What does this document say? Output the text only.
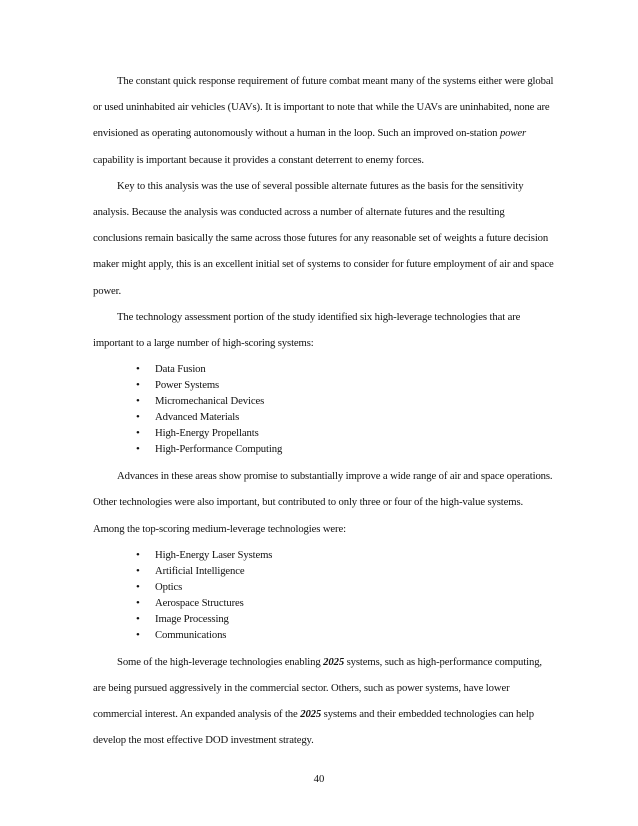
The constant quick response requirement of future combat meant many of the systems either were global or used uninhabited air vehicles (UAVs). It is important to note that while the UAVs are uninhabited, none are envisioned as operating autonomously without a human in the loop. Such an improved on-station power capability is important because it provides a constant deterrent to enemy forces.

Key to this analysis was the use of several possible alternate futures as the basis for the sensitivity analysis. Because the analysis was conducted across a number of alternate futures and the resulting conclusions remain basically the same across those futures for any reasonable set of weights a future decision maker might apply, this is an excellent initial set of systems to consider for future employment of air and space power.

The technology assessment portion of the study identified six high-leverage technologies that are important to a large number of high-scoring systems:

• Data Fusion
• Power Systems
• Micromechanical Devices
• Advanced Materials
• High-Energy Propellants
• High-Performance Computing

Advances in these areas show promise to substantially improve a wide range of air and space operations. Other technologies were also important, but contributed to only three or four of the high-value systems. Among the top-scoring medium-leverage technologies were:

• High-Energy Laser Systems
• Artificial Intelligence
• Optics
• Aerospace Structures
• Image Processing
• Communications

Some of the high-leverage technologies enabling 2025 systems, such as high-performance computing, are being pursued aggressively in the commercial sector. Others, such as power systems, have lower commercial interest. An expanded analysis of the 2025 systems and their embedded technologies can help develop the most effective DOD investment strategy.

40
